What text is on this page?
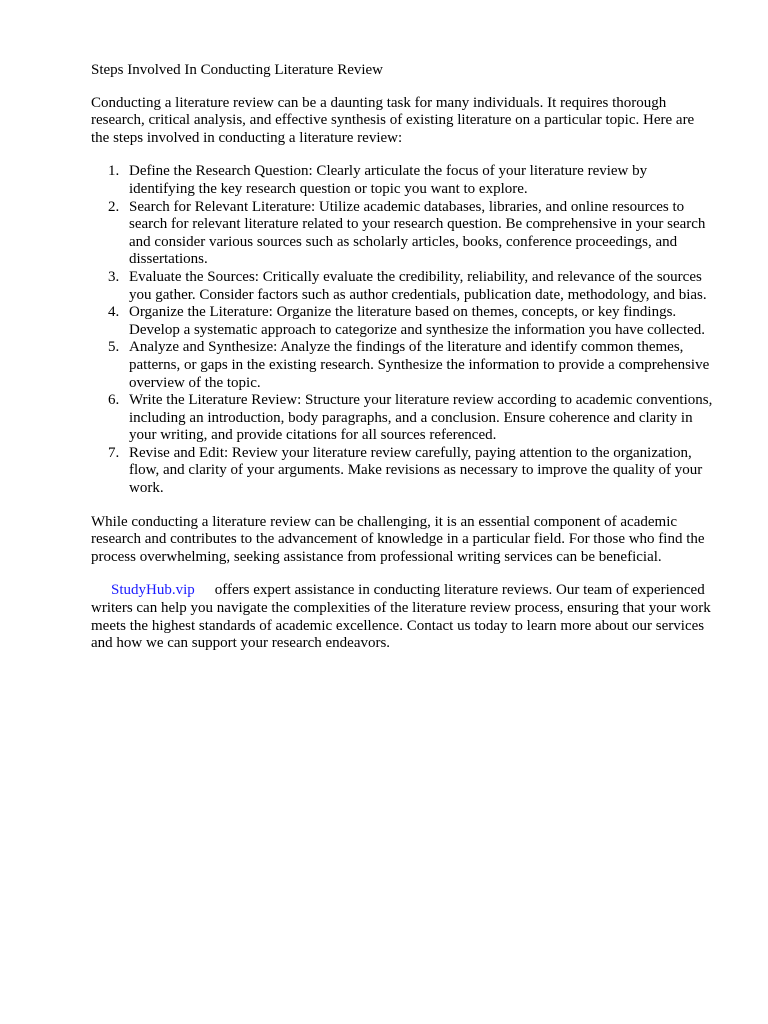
Steps Involved In Conducting Literature Review

Conducting a literature review can be a daunting task for many individuals. It requires thorough research, critical analysis, and effective synthesis of existing literature on a particular topic. Here are the steps involved in conducting a literature review:

1. Define the Research Question: Clearly articulate the focus of your literature review by identifying the key research question or topic you want to explore.
2. Search for Relevant Literature: Utilize academic databases, libraries, and online resources to search for relevant literature related to your research question. Be comprehensive in your search and consider various sources such as scholarly articles, books, conference proceedings, and dissertations.
3. Evaluate the Sources: Critically evaluate the credibility, reliability, and relevance of the sources you gather. Consider factors such as author credentials, publication date, methodology, and bias.
4. Organize the Literature: Organize the literature based on themes, concepts, or key findings. Develop a systematic approach to categorize and synthesize the information you have collected.
5. Analyze and Synthesize: Analyze the findings of the literature and identify common themes, patterns, or gaps in the existing research. Synthesize the information to provide a comprehensive overview of the topic.
6. Write the Literature Review: Structure your literature review according to academic conventions, including an introduction, body paragraphs, and a conclusion. Ensure coherence and clarity in your writing, and provide citations for all sources referenced.
7. Revise and Edit: Review your literature review carefully, paying attention to the organization, flow, and clarity of your arguments. Make revisions as necessary to improve the quality of your work.

While conducting a literature review can be challenging, it is an essential component of academic research and contributes to the advancement of knowledge in a particular field. For those who find the process overwhelming, seeking assistance from professional writing services can be beneficial.

StudyHub.vip offers expert assistance in conducting literature reviews. Our team of experienced writers can help you navigate the complexities of the literature review process, ensuring that your work meets the highest standards of academic excellence. Contact us today to learn more about our services and how we can support your research endeavors.
